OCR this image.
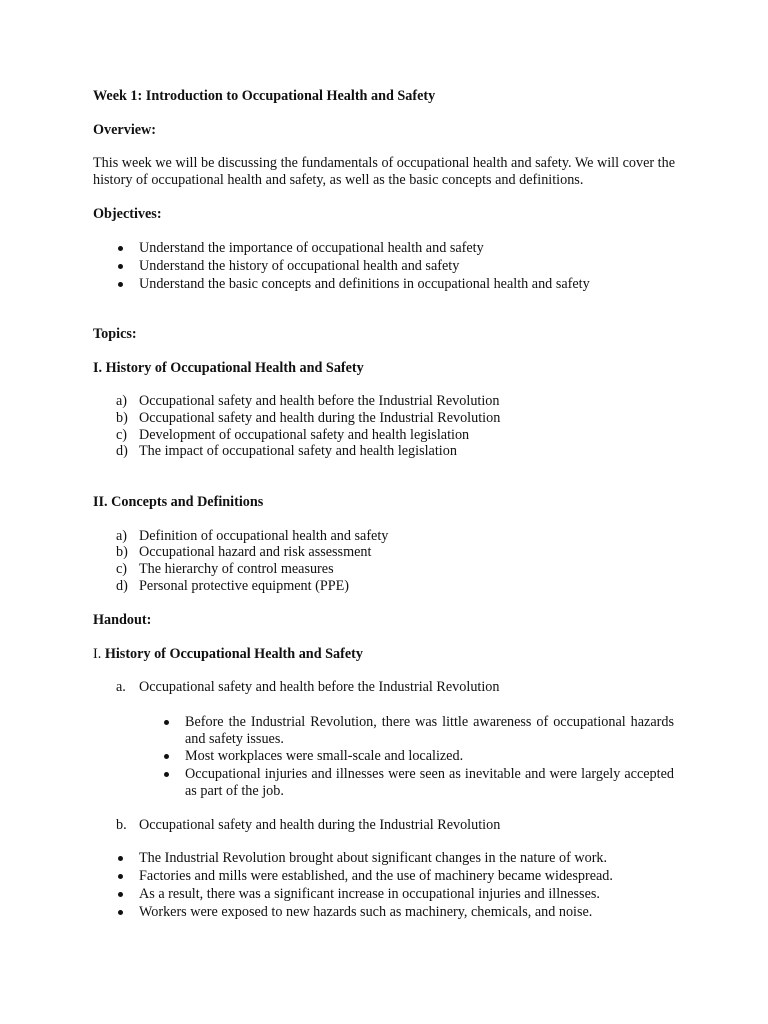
Week 1: Introduction to Occupational Health and Safety
Overview:
This week we will be discussing the fundamentals of occupational health and safety. We will cover the history of occupational health and safety, as well as the basic concepts and definitions.
Objectives:
Understand the importance of occupational health and safety
Understand the history of occupational health and safety
Understand the basic concepts and definitions in occupational health and safety
Topics:
I. History of Occupational Health and Safety
a) Occupational safety and health before the Industrial Revolution
b) Occupational safety and health during the Industrial Revolution
c) Development of occupational safety and health legislation
d) The impact of occupational safety and health legislation
II. Concepts and Definitions
a) Definition of occupational health and safety
b) Occupational hazard and risk assessment
c) The hierarchy of control measures
d) Personal protective equipment (PPE)
Handout:
I. History of Occupational Health and Safety
a. Occupational safety and health before the Industrial Revolution
Before the Industrial Revolution, there was little awareness of occupational hazards and safety issues.
Most workplaces were small-scale and localized.
Occupational injuries and illnesses were seen as inevitable and were largely accepted as part of the job.
b. Occupational safety and health during the Industrial Revolution
The Industrial Revolution brought about significant changes in the nature of work.
Factories and mills were established, and the use of machinery became widespread.
As a result, there was a significant increase in occupational injuries and illnesses.
Workers were exposed to new hazards such as machinery, chemicals, and noise.
